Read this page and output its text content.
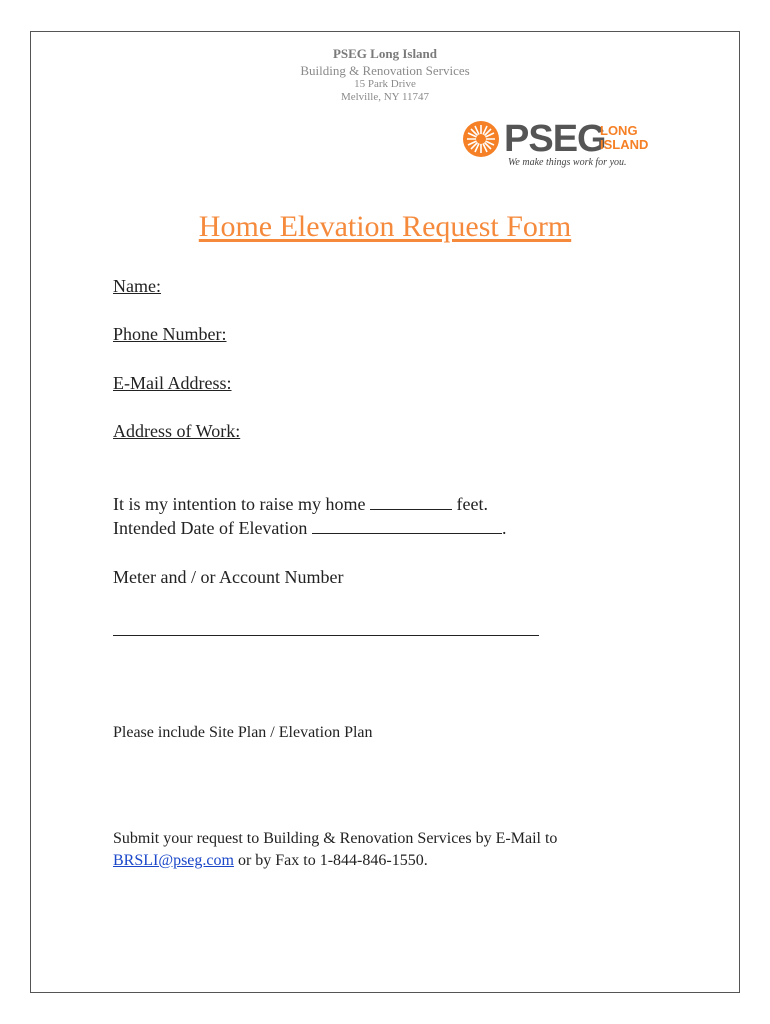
PSEG Long Island
Building & Renovation Services
15 Park Drive
Melville, NY 11747
PSEG
LONG
ISLAND
We make things work for you.
Home Elevation Request Form
Name:
Phone Number:
E-Mail Address:
Address of Work:
It is my intention to raise my home	feet.
Intended Date of Elevation	.
Meter and / or Account Number
Please include Site Plan / Elevation Plan
Submit your request to Building & Renovation Services by E-Mail to
BRSLI@pseg.com or by Fax to 1-844-846-1550.
